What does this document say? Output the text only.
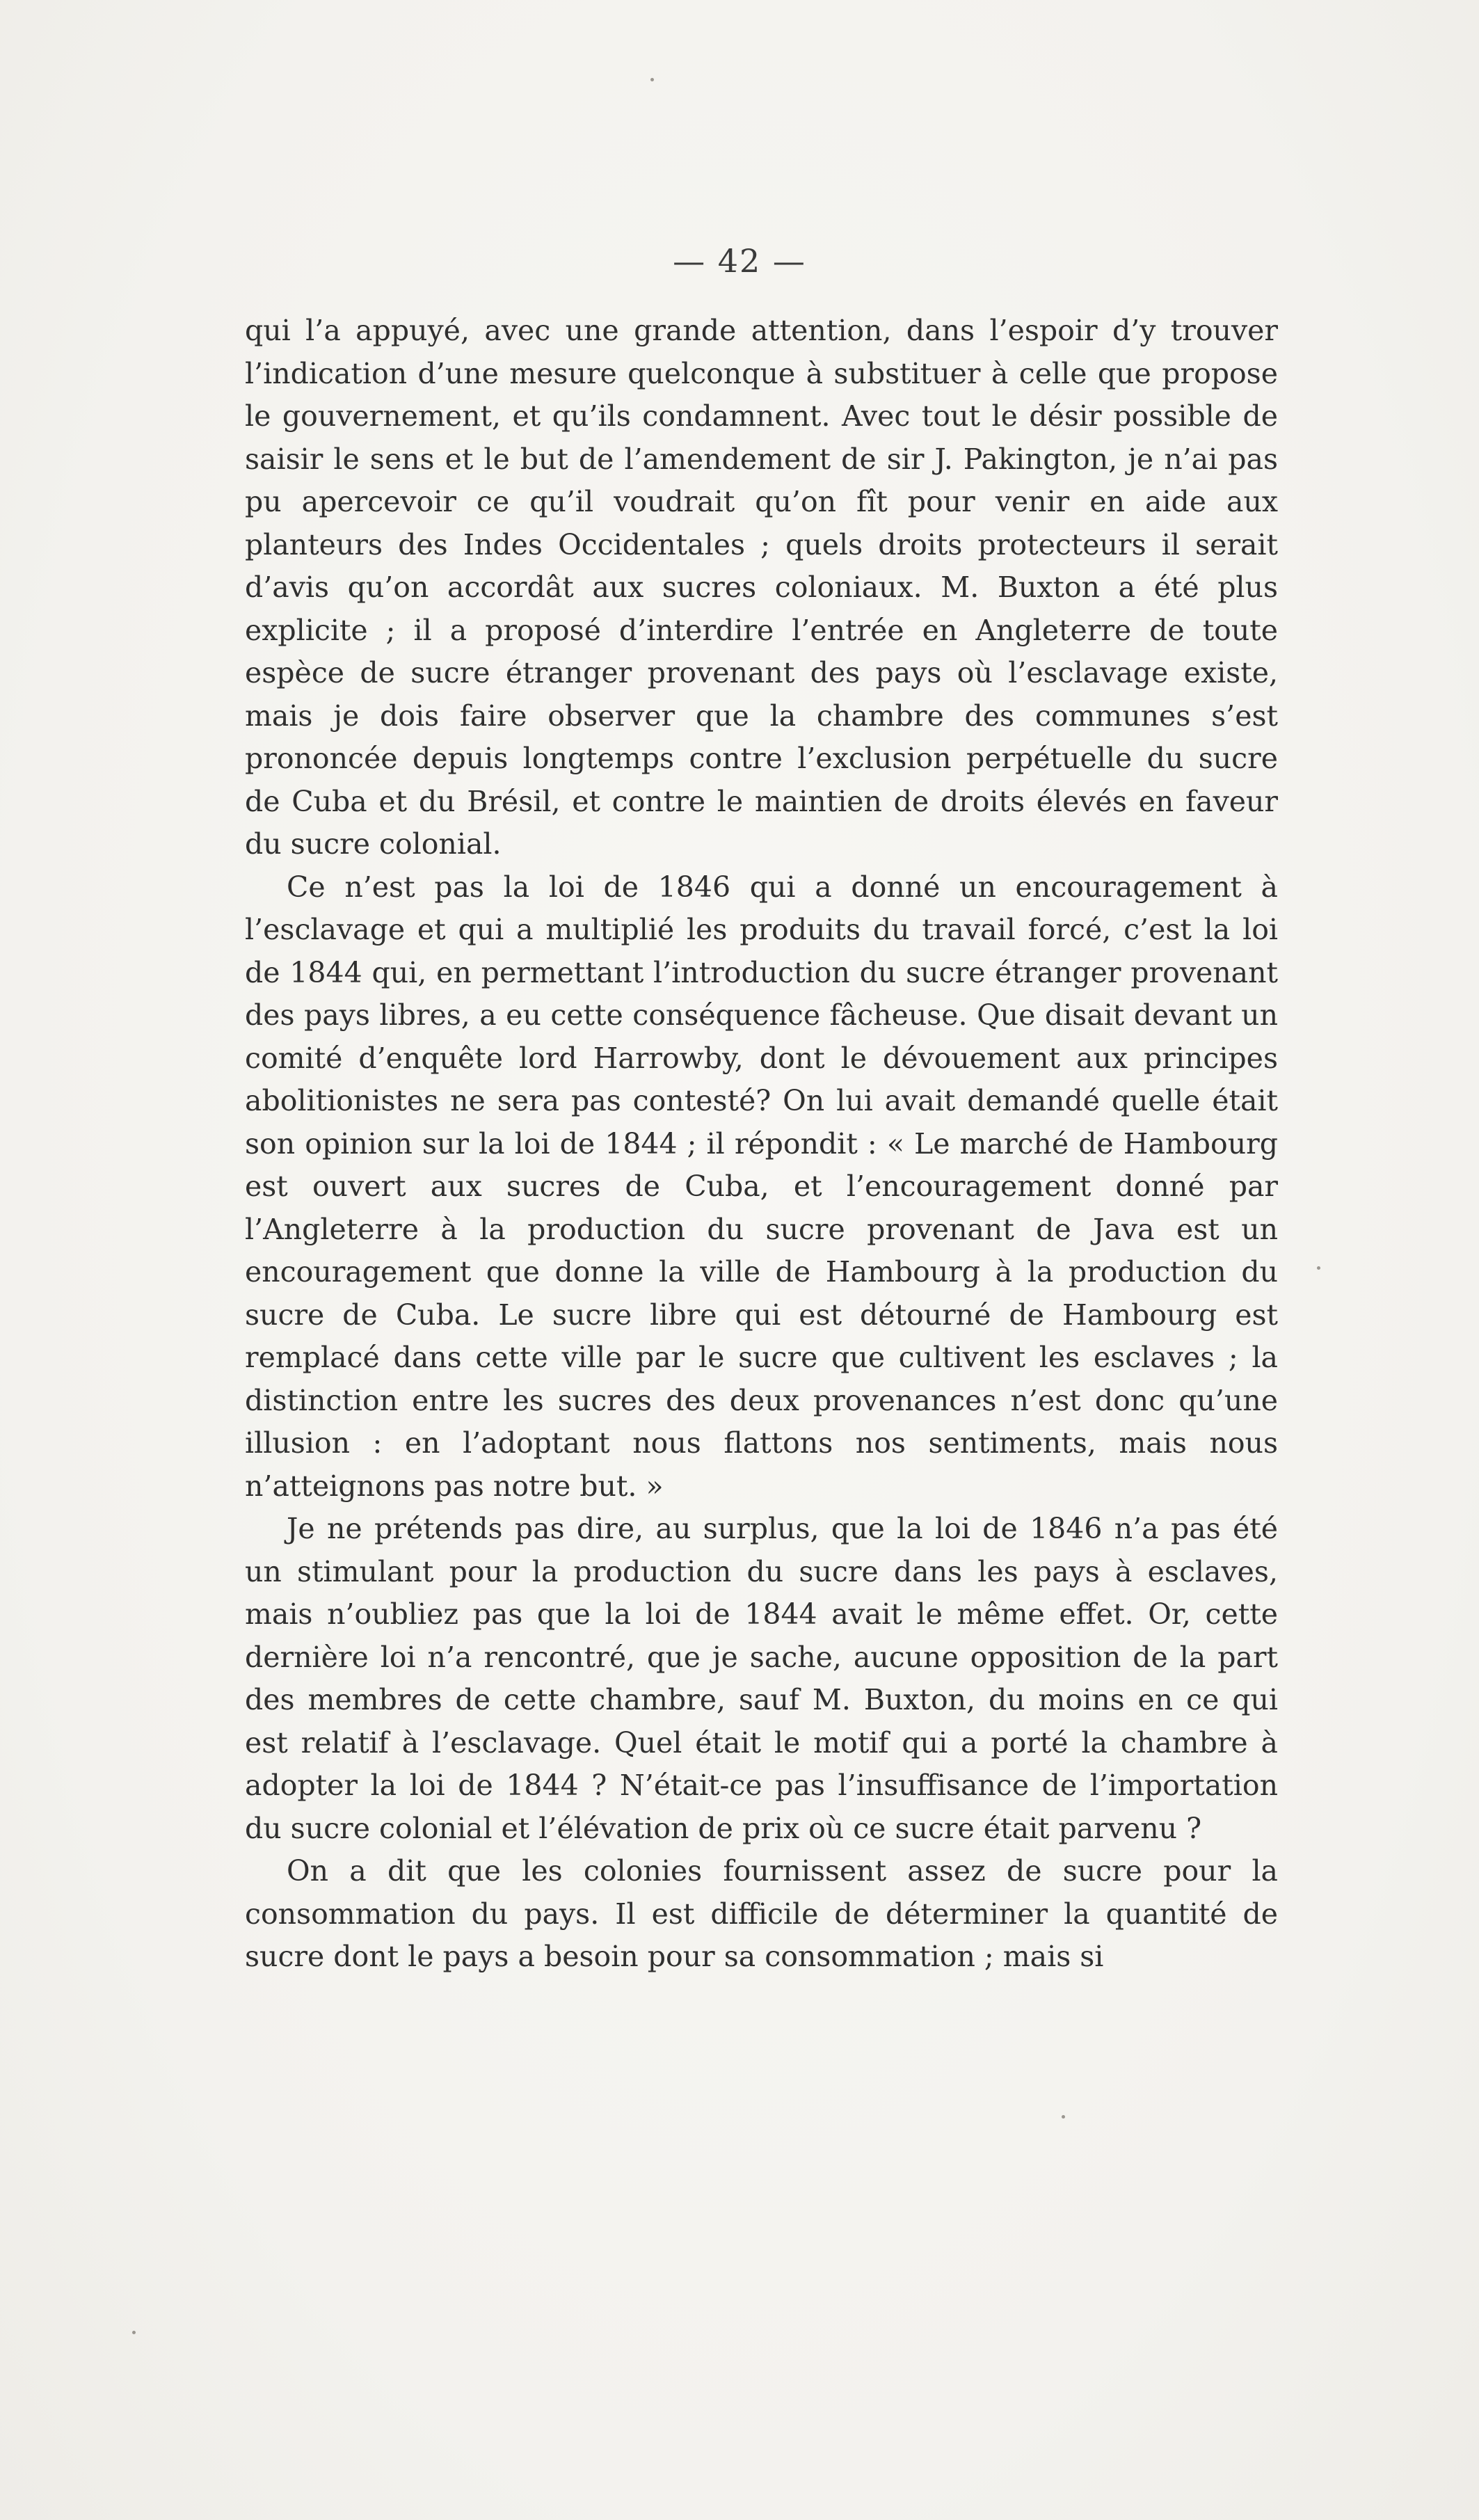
— 42 —

qui l’a appuyé, avec une grande attention, dans l’espoir d’y trouver l’indication d’une mesure quelconque à substituer à celle que propose le gouvernement, et qu’ils condamnent. Avec tout le désir possible de saisir le sens et le but de l’amendement de sir J. Pakington, je n’ai pas pu apercevoir ce qu’il voudrait qu’on fît pour venir en aide aux planteurs des Indes Occidentales ; quels droits protecteurs il serait d’avis qu’on accordât aux sucres coloniaux. M. Buxton a été plus explicite ; il a proposé d’interdire l’entrée en Angleterre de toute espèce de sucre étranger provenant des pays où l’esclavage existe, mais je dois faire observer que la chambre des communes s’est prononcée depuis longtemps contre l’exclusion perpétuelle du sucre de Cuba et du Brésil, et contre le maintien de droits élevés en faveur du sucre colonial.

Ce n’est pas la loi de 1846 qui a donné un encouragement à l’esclavage et qui a multiplié les produits du travail forcé, c’est la loi de 1844 qui, en permettant l’introduction du sucre étranger provenant des pays libres, a eu cette conséquence fâcheuse. Que disait devant un comité d’enquête lord Harrowby, dont le dévouement aux principes abolitionistes ne sera pas contesté? On lui avait demandé quelle était son opinion sur la loi de 1844 ; il répondit : « Le marché de Hambourg est ouvert aux sucres de Cuba, et l’encouragement donné par l’Angleterre à la production du sucre provenant de Java est un encouragement que donne la ville de Hambourg à la production du sucre de Cuba. Le sucre libre qui est détourné de Hambourg est remplacé dans cette ville par le sucre que cultivent les esclaves ; la distinction entre les sucres des deux provenances n’est donc qu’une illusion : en l’adoptant nous flattons nos sentiments, mais nous n’atteignons pas notre but. »

Je ne prétends pas dire, au surplus, que la loi de 1846 n’a pas été un stimulant pour la production du sucre dans les pays à esclaves, mais n’oubliez pas que la loi de 1844 avait le même effet. Or, cette dernière loi n’a rencontré, que je sache, aucune opposition de la part des membres de cette chambre, sauf M. Buxton, du moins en ce qui est relatif à l’esclavage. Quel était le motif qui a porté la chambre à adopter la loi de 1844 ? N’était-ce pas l’insuffisance de l’importation du sucre colonial et l’élévation de prix où ce sucre était parvenu ?

On a dit que les colonies fournissent assez de sucre pour la consommation du pays. Il est difficile de déterminer la quantité de sucre dont le pays a besoin pour sa consommation ; mais si
